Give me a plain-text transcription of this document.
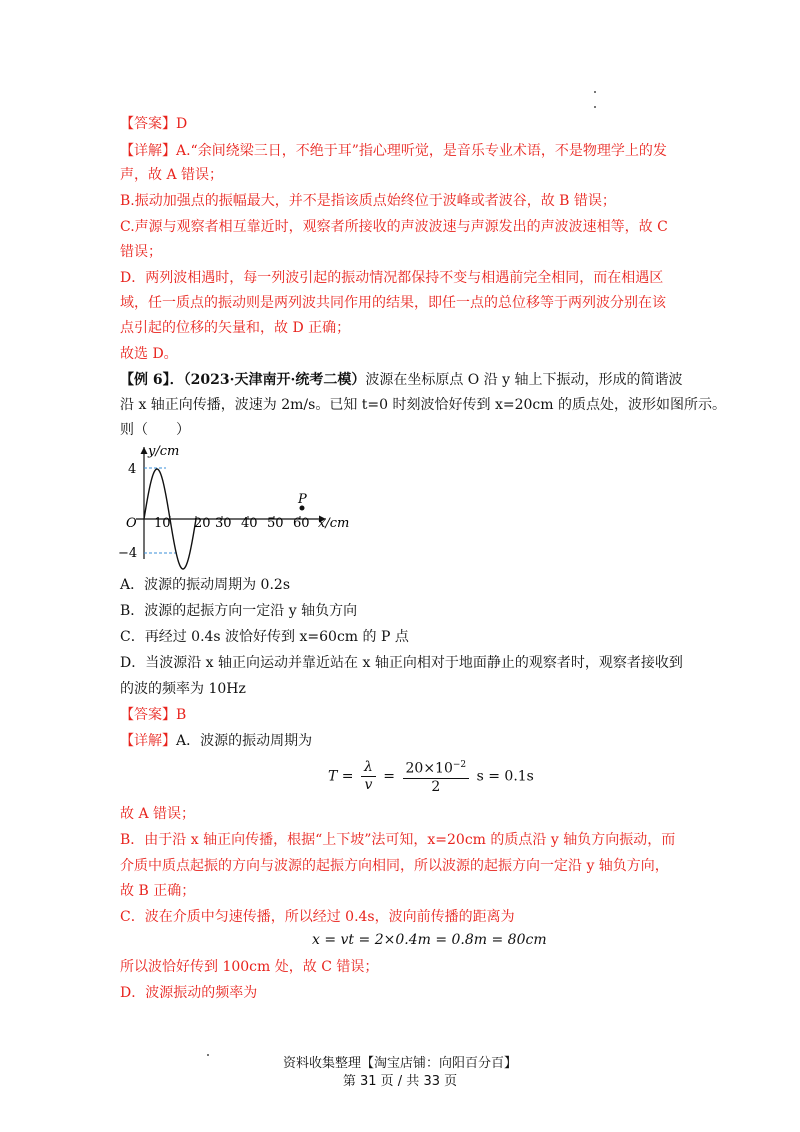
【答案】D
【详解】A.“余间绕梁三日，不绝于耳”指心理听觉，是音乐专业术语，不是物理学上的发
声，故 A 错误；
B.振动加强点的振幅最大，并不是指该质点始终位于波峰或者波谷，故 B 错误；
C.声源与观察者相互靠近时，观察者所接收的声波波速与声源发出的声波波速相等，故 C
错误；
D．两列波相遇时，每一列波引起的振动情况都保持不变与相遇前完全相同，而在相遇区
域，任一质点的振动则是两列波共同作用的结果，即任一点的总位移等于两列波分别在该
点引起的位移的矢量和，故 D 正确；
故选 D。
【例 6】．（2023·天津南开·统考二模）波源在坐标原点 O 沿 y 轴上下振动，形成的简谐波
沿 x 轴正向传播，波速为 2m/s。已知 t=0 时刻波恰好传到 x=20cm 的质点处，波形如图所示。
则（　　）
y/cm
x/cm
O
4
−4
10 20 30 40 50 60
P
A．波源的振动周期为 0.2s
B．波源的起振方向一定沿 y 轴负方向
C．再经过 0.4s 波恰好传到 x=60cm 的 P 点
D．当波源沿 x 轴正向运动并靠近站在 x 轴正向相对于地面静止的观察者时，观察者接收到
的波的频率为 10Hz
【答案】B
【详解】A．波源的振动周期为
$T = \frac{\lambda}{v} = \frac{20\times 10^{-2}}{2}$ s = 0.1s
故 A 错误；
B．由于沿 x 轴正向传播，根据“上下坡”法可知，x=20cm 的质点沿 y 轴负方向振动，而
介质中质点起振的方向与波源的起振方向相同，所以波源的起振方向一定沿 y 轴负方向，
故 B 正确；
C．波在介质中匀速传播，所以经过 0.4s，波向前传播的距离为
x = vt = 2×0.4m = 0.8m = 80cm
所以波恰好传到 100cm 处，故 C 错误；
D．波源振动的频率为
资料收集整理【淘宝店铺：向阳百分百】
第 31 页 / 共 33 页
